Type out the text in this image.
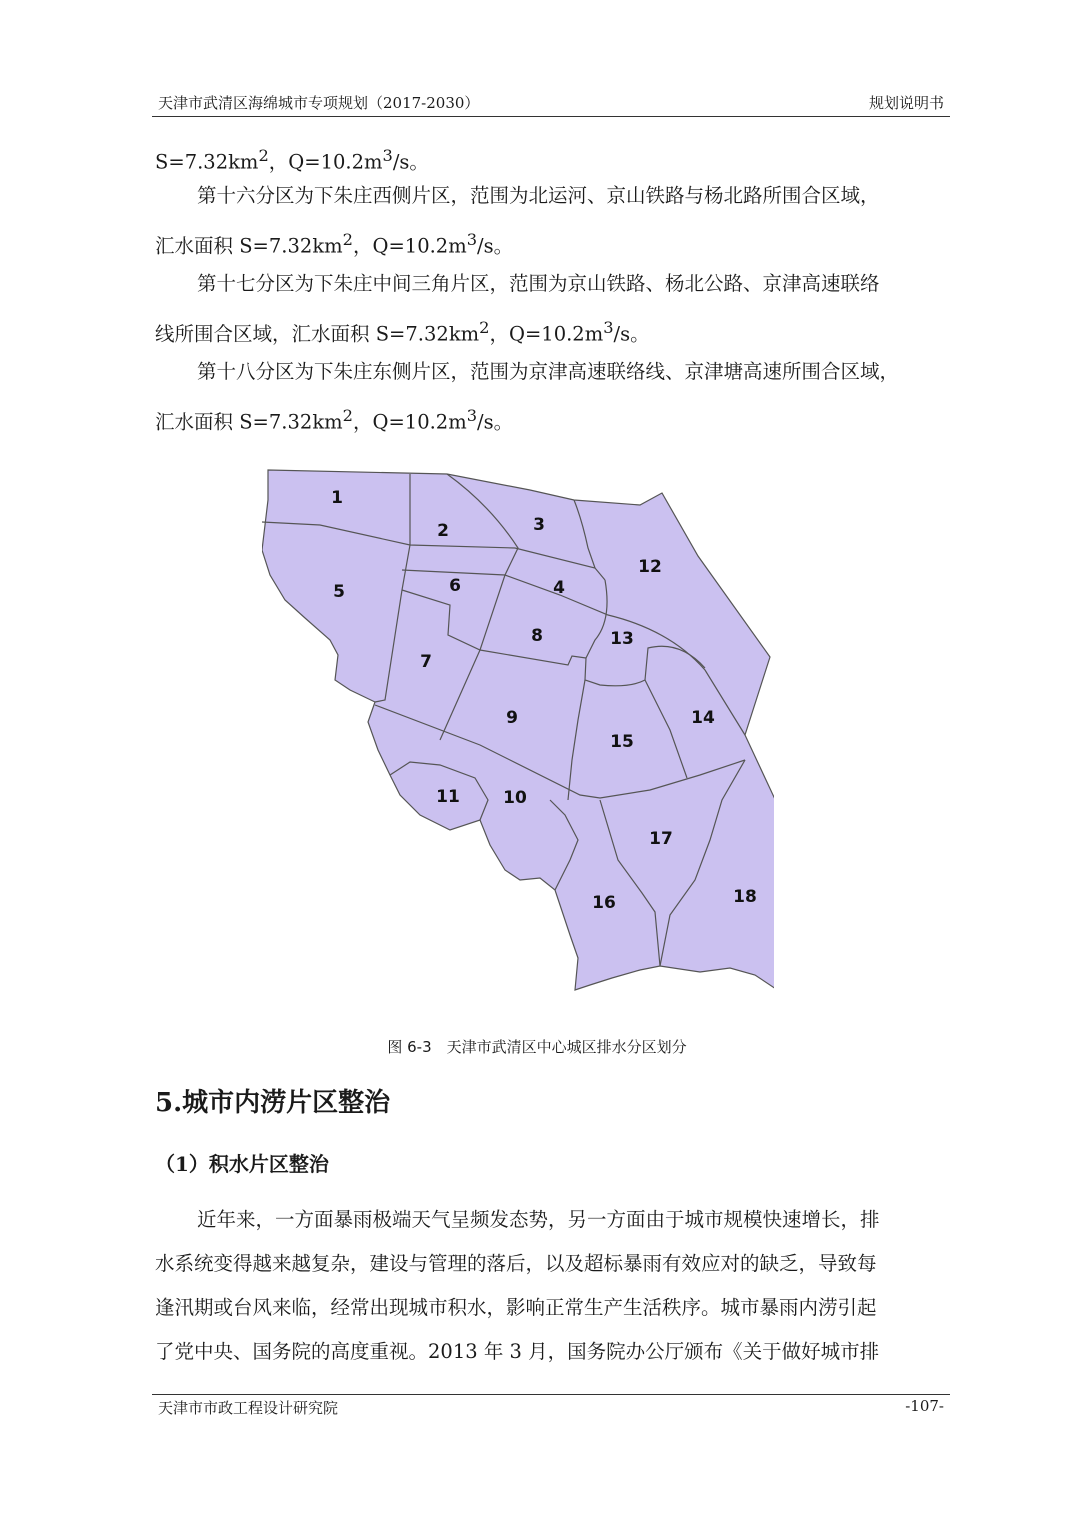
天津市武清区海绵城市专项规划（2017-2030）	规划说明书
$S=7.32km^2$，$Q=10.2m^3/s$。
第十六分区为下朱庄西侧片区，范围为北运河、京山铁路与杨北路所围合区域，
汇水面积 $S=7.32km^2$，$Q=10.2m^3/s$。
第十七分区为下朱庄中间三角片区，范围为京山铁路、杨北公路、京津高速联络
线所围合区域，汇水面积 $S=7.32km^2$，$Q=10.2m^3/s$。
第十八分区为下朱庄东侧片区，范围为京津高速联络线、京津塘高速所围合区域，
汇水面积 $S=7.32km^2$，$Q=10.2m^3/s$。
1
2	3
4
5	6
7
8
9
10
11
12
13
14
15
16
17
18
图 6-3　天津市武清区中心城区排水分区划分
5.城市内涝片区整治
（1）积水片区整治
近年来，一方面暴雨极端天气呈频发态势，另一方面由于城市规模快速增长，排
水系统变得越来越复杂，建设与管理的落后，以及超标暴雨有效应对的缺乏，导致每
逢汛期或台风来临，经常出现城市积水，影响正常生产生活秩序。城市暴雨内涝引起
了党中央、国务院的高度重视。2013 年 3 月，国务院办公厅颁布《关于做好城市排
天津市市政工程设计研究院	-107-
